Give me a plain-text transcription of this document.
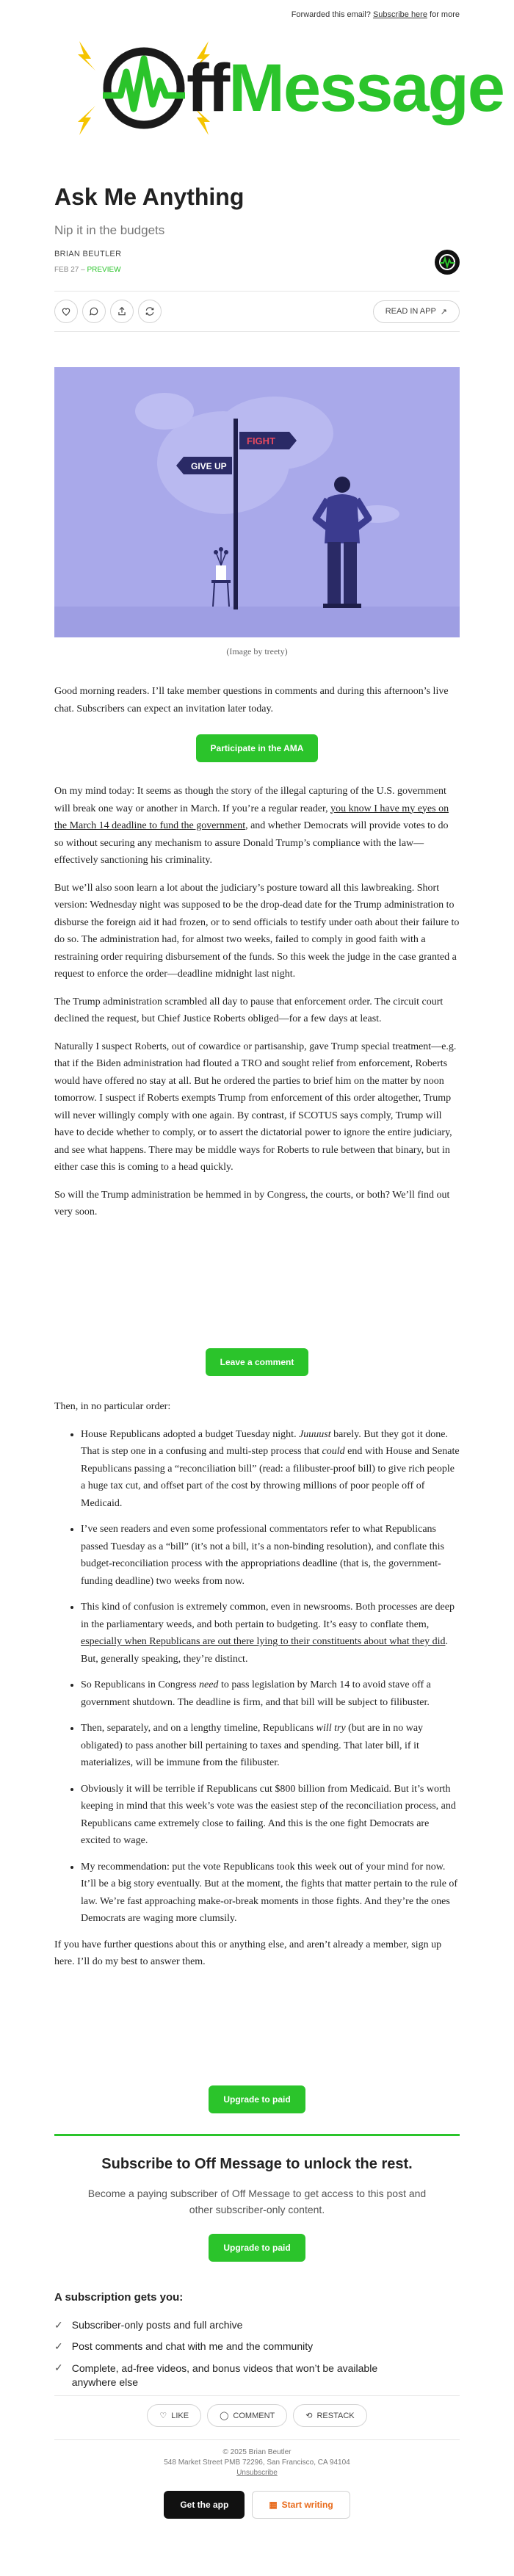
Forwarded this email? Subscribe here for more
ffMessage
Ask Me Anything
Nip it in the budgets
BRIAN BEUTLER
FEB 27 – PREVIEW
READ IN APP ↗
FIGHT
GIVE UP
(Image by treety)

Good morning readers. I’ll take member questions in comments and during this afternoon’s live chat. Subscribers can expect an invitation later today.

Participate in the AMA

On my mind today: It seems as though the story of the illegal capturing of the U.S. government will break one way or another in March. If you’re a regular reader, you know I have my eyes on the March 14 deadline to fund the government, and whether Democrats will provide votes to do so without securing any mechanism to assure Donald Trump’s compliance with the law—effectively sanctioning his criminality.

But we’ll also soon learn a lot about the judiciary’s posture toward all this lawbreaking. Short version: Wednesday night was supposed to be the drop-dead date for the Trump administration to disburse the foreign aid it had frozen, or to send officials to testify under oath about their failure to do so. The administration had, for almost two weeks, failed to comply in good faith with a restraining order requiring disbursement of the funds. So this week the judge in the case granted a request to enforce the order—deadline midnight last night.

The Trump administration scrambled all day to pause that enforcement order. The circuit court declined the request, but Chief Justice Roberts obliged—for a few days at least.

Naturally I suspect Roberts, out of cowardice or partisanship, gave Trump special treatment—e.g. that if the Biden administration had flouted a TRO and sought relief from enforcement, Roberts would have offered no stay at all. But he ordered the parties to brief him on the matter by noon tomorrow. I suspect if Roberts exempts Trump from enforcement of this order altogether, Trump will never willingly comply with one again. By contrast, if SCOTUS says comply, Trump will have to decide whether to comply, or to assert the dictatorial power to ignore the entire judiciary, and see what happens. There may be middle ways for Roberts to rule between that binary, but in either case this is coming to a head quickly.

So will the Trump administration be hemmed in by Congress, the courts, or both? We’ll find out very soon.

Leave a comment

Then, in no particular order:

• House Republicans adopted a budget Tuesday night. Juuuust barely. But they got it done. That is step one in a confusing and multi-step process that could end with House and Senate Republicans passing a “reconciliation bill” (read: a filibuster-proof bill) to give rich people a huge tax cut, and offset part of the cost by throwing millions of poor people off of Medicaid.
• I’ve seen readers and even some professional commentators refer to what Republicans passed Tuesday as a “bill” (it’s not a bill, it’s a non-binding resolution), and conflate this budget-reconciliation process with the appropriations deadline (that is, the government-funding deadline) two weeks from now.
• This kind of confusion is extremely common, even in newsrooms. Both processes are deep in the parliamentary weeds, and both pertain to budgeting. It’s easy to conflate them, especially when Republicans are out there lying to their constituents about what they did. But, generally speaking, they’re distinct.
• So Republicans in Congress need to pass legislation by March 14 to avoid stave off a government shutdown. The deadline is firm, and that bill will be subject to filibuster.
• Then, separately, and on a lengthy timeline, Republicans will try (but are in no way obligated) to pass another bill pertaining to taxes and spending. That later bill, if it materializes, will be immune from the filibuster.
• Obviously it will be terrible if Republicans cut $800 billion from Medicaid. But it’s worth keeping in mind that this week’s vote was the easiest step of the reconciliation process, and Republicans came extremely close to failing. And this is the one fight Democrats are excited to wage.
• My recommendation: put the vote Republicans took this week out of your mind for now. It’ll be a big story eventually. But at the moment, the fights that matter pertain to the rule of law. We’re fast approaching make-or-break moments in those fights. And they’re the ones Democrats are waging more clumsily.

If you have further questions about this or anything else, and aren’t already a member, sign up here. I’ll do my best to answer them.

Upgrade to paid
Subscribe to Off Message to unlock the rest.
Become a paying subscriber of Off Message to get access to this post and other subscriber-only content.
Upgrade to paid
A subscription gets you:
✓ Subscriber-only posts and full archive
✓ Post comments and chat with me and the community
✓ Complete, ad-free videos, and bonus videos that won’t be available anywhere else
♡ LIKE	◯ COMMENT	⟲ RESTACK
© 2025 Brian Beutler
548 Market Street PMB 72296, San Francisco, CA 94104
Unsubscribe
Get the app	▦ Start writing
